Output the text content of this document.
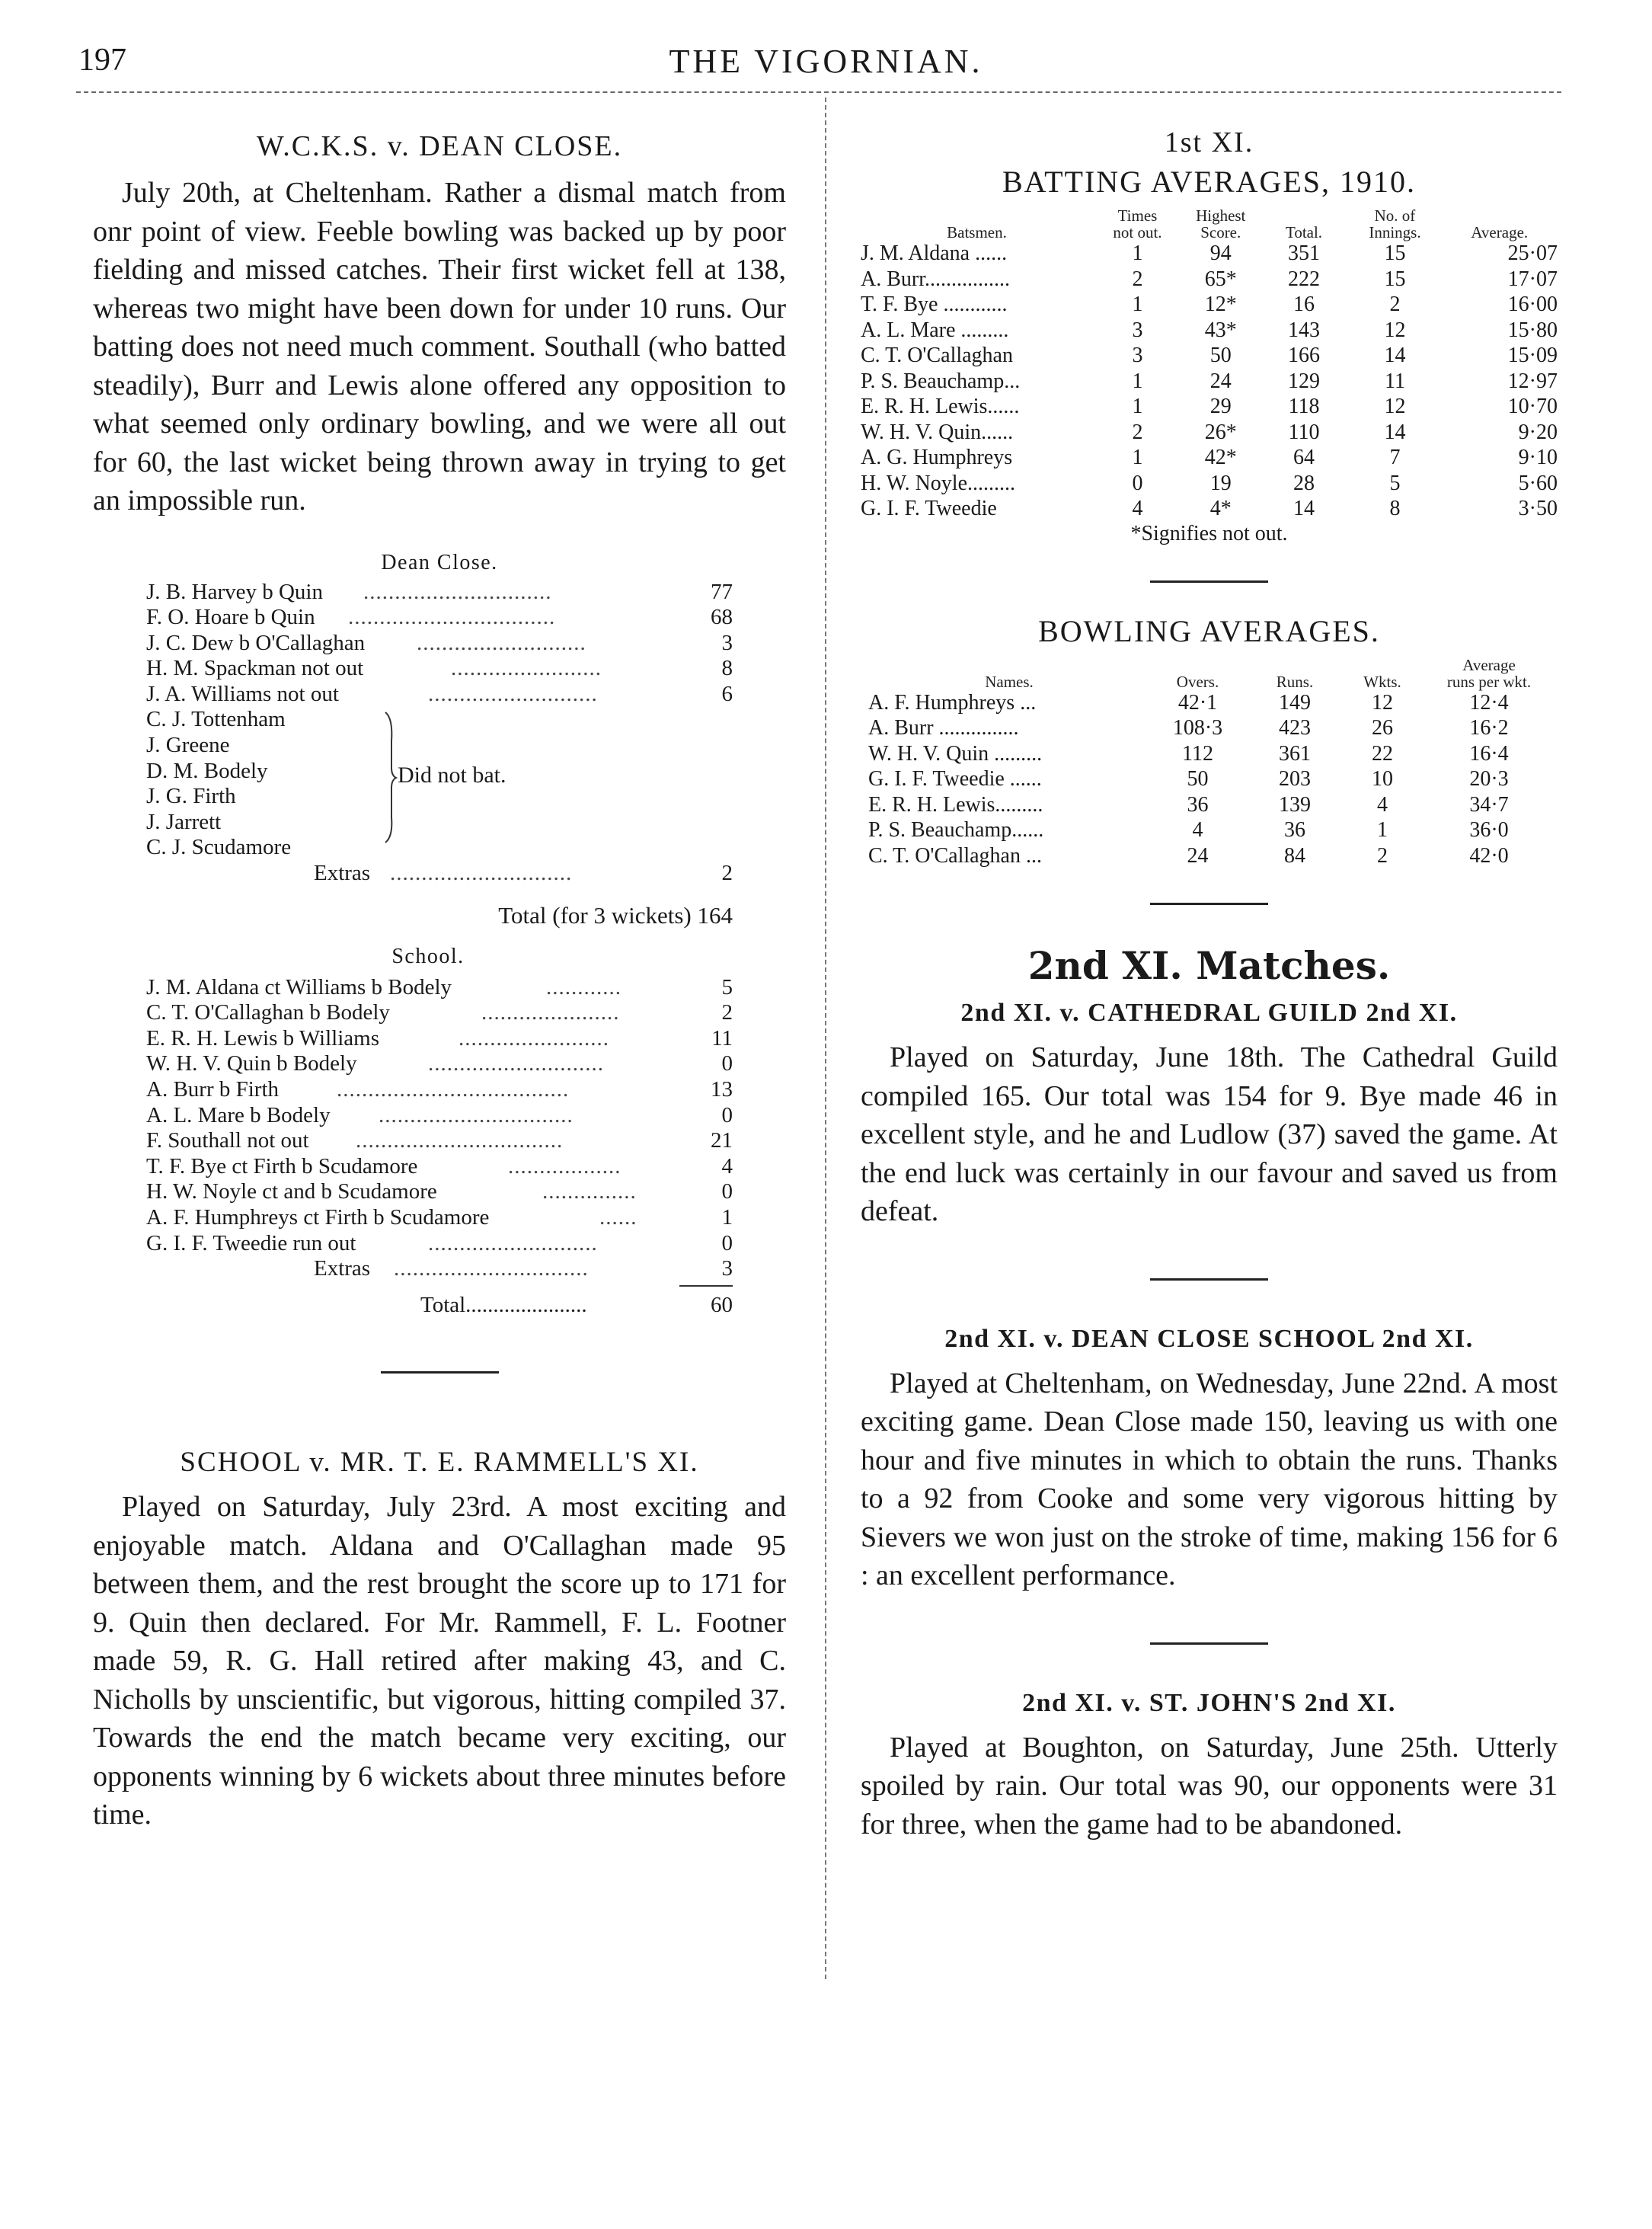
197	THE VIGORNIAN.
W.C.K.S. v. DEAN CLOSE.

July 20th, at Cheltenham. Rather a dismal match from onr point of view. Feeble bowling was backed up by poor fielding and missed catches. Their first wicket fell at 138, whereas two might have been down for under 10 runs. Our batting does not need much comment. Southall (who batted steadily), Burr and Lewis alone offered any opposition to what seemed only ordinary bowling, and we were all out for 60, the last wicket being thrown away in trying to get an impossible run.

Dean Close.

J. B. Harvey b Quin ..............................	77
F. O. Hoare b Quin .................................	68
J. C. Dew b O'Callaghan ...........................	3
H. M. Spackman not out	........................	8
J. A. Williams not out	...........................	6
C. J. Tottenham
J. Greene
D. M. Bodely
J. G. Firth
J. Jarrett
C. J. Scudamore
Did not bat.
Extras .............................	2
Total (for 3 wickets) 164

School.

J. M. Aldana ct Williams b Bodely	............	5
C. T. O'Callaghan b Bodely	......................	2
E. R. H. Lewis b Williams	........................	11
W. H. V. Quin b Bodely	............................	0
A. Burr b Firth	.....................................	13
A. L. Mare b Bodely ...............................	0
F. Southall not out .................................	21
T. F. Bye ct Firth b Scudamore	..................	4
H. W. Noyle ct and b Scudamore	...............	0
A. F. Humphreys ct Firth b Scudamore	......	1
G. I. F. Tweedie run out	...........................	0
Extras ...............................	3
Total......................	60
SCHOOL v. MR. T. E. RAMMELL'S XI.

Played on Saturday, July 23rd. A most exciting and enjoyable match. Aldana and O'Callaghan made 95 between them, and the rest brought the score up to 171 for 9. Quin then declared. For Mr. Rammell, F. L. Footner made 59, R. G. Hall retired after making 43, and C. Nicholls by unscientific, but vigorous, hitting compiled 37. Towards the end the match became very exciting, our opponents winning by 6 wickets about three minutes before time.

1st XI.
BATTING AVERAGES, 1910.
	Times	Highest		No. of	
Batsmen.	not out.	Score.	Total.	Innings.	Average.
J. M. Aldana ......	1	94	351	15	25·07
A. Burr................	2	65*	222	15	17·07
T. F. Bye ............	1	12*	16	2	16·00
A. L. Mare .........	3	43*	143	12	15·80
C. T. O'Callaghan	3	50	166	14	15·09
P. S. Beauchamp...	1	24	129	11	12·97
E. R. H. Lewis......	1	29	118	12	10·70
W. H. V. Quin......	2	26*	110	14	9·20
A. G. Humphreys	1	42*	64	7	9·10
H. W. Noyle.........	0	19	28	5	5·60
G. I. F. Tweedie	4	4*	14	8	3·50
*Signifies not out.
BOWLING AVERAGES.
				Average
Names.	Overs.	Runs.	Wkts.	runs per wkt.
A. F. Humphreys ...	42·1	149	12	12·4
A. Burr ...............	108·3	423	26	16·2
W. H. V. Quin .........	112	361	22	16·4
G. I. F. Tweedie ......	50	203	10	20·3
E. R. H. Lewis.........	36	139	4	34·7
P. S. Beauchamp......	4	36	1	36·0
C. T. O'Callaghan ...	24	84	2	42·0
2nd XI. Matches.
2nd XI. v. CATHEDRAL GUILD 2nd XI.

Played on Saturday, June 18th. The Cathedral Guild compiled 165. Our total was 154 for 9. Bye made 46 in excellent style, and he and Ludlow (37) saved the game. At the end luck was certainly in our favour and saved us from defeat.

2nd XI. v. DEAN CLOSE SCHOOL 2nd XI.

Played at Cheltenham, on Wednesday, June 22nd. A most exciting game. Dean Close made 150, leaving us with one hour and five minutes in which to obtain the runs. Thanks to a 92 from Cooke and some very vigorous hitting by Sievers we won just on the stroke of time, making 156 for 6 : an excellent performance.

2nd XI. v. ST. JOHN'S 2nd XI.

Played at Boughton, on Saturday, June 25th. Utterly spoiled by rain. Our total was 90, our opponents were 31 for three, when the game had to be abandoned.
